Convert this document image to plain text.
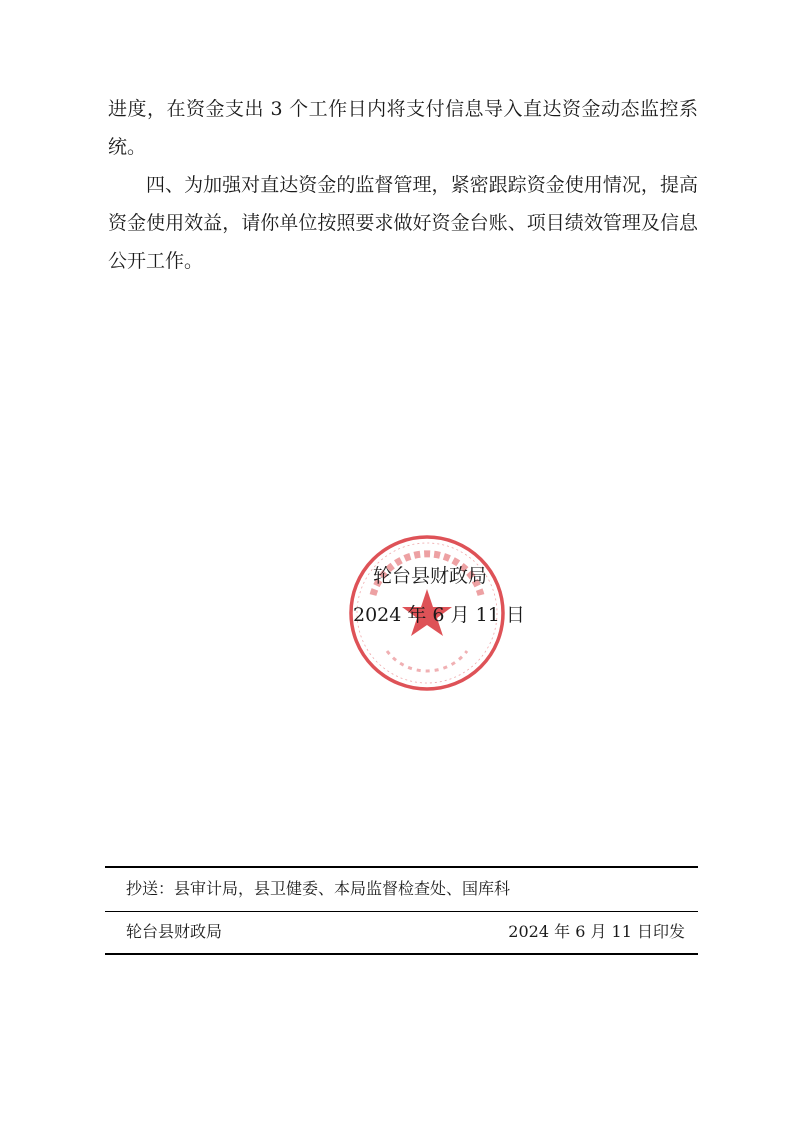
进度，在资金支出 3 个工作日内将支付信息导入直达资金动态监控系统。

四、为加强对直达资金的监督管理，紧密跟踪资金使用情况，提高资金使用效益，请你单位按照要求做好资金台账、项目绩效管理及信息公开工作。

轮台县财政局
2024 年 6 月 11 日
抄送：县审计局，县卫健委、本局监督检查处、国库科
轮台县财政局	2024 年 6 月 11 日印发
